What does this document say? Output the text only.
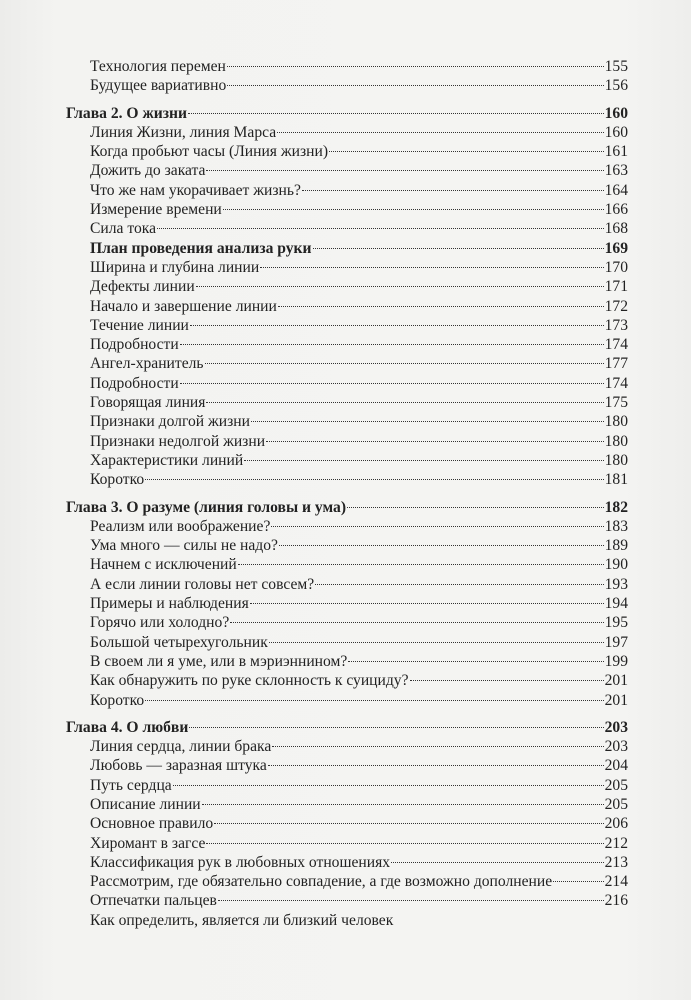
Технология перемен	155
Будущее вариативно	156
Глава 2. О жизни	160
Линия Жизни, линия Марса	160
Когда пробьют часы (Линия жизни)	161
Дожить до заката	163
Что же нам укорачивает жизнь?	164
Измерение времени	166
Сила тока	168
План проведения анализа руки	169
Ширина и глубина линии	170
Дефекты линии	171
Начало и завершение линии	172
Течение линии	173
Подробности	174
Ангел-хранитель	177
Подробности	174
Говорящая линия	175
Признаки долгой жизни	180
Признаки недолгой жизни	180
Характеристики линий	180
Коротко	181
Глава 3. О разуме (линия головы и ума)	182
Реализм или воображение?	183
Ума много — силы не надо?	189
Начнем с исключений	190
А если линии головы нет совсем?	193
Примеры и наблюдения	194
Горячо или холодно?	195
Большой четырехугольник	197
В своем ли я уме, или в мэриэннином?	199
Как обнаружить по руке склонность к суициду?	201
Коротко	201
Глава 4. О любви	203
Линия сердца, линии брака	203
Любовь — заразная штука	204
Путь сердца	205
Описание линии	205
Основное правило	206
Хиромант в загсе	212
Классификация рук в любовных отношениях	213
Рассмотрим, где обязательно совпадение, а где возможно дополнение	214
Отпечатки пальцев	216
Как определить, является ли близкий человек
